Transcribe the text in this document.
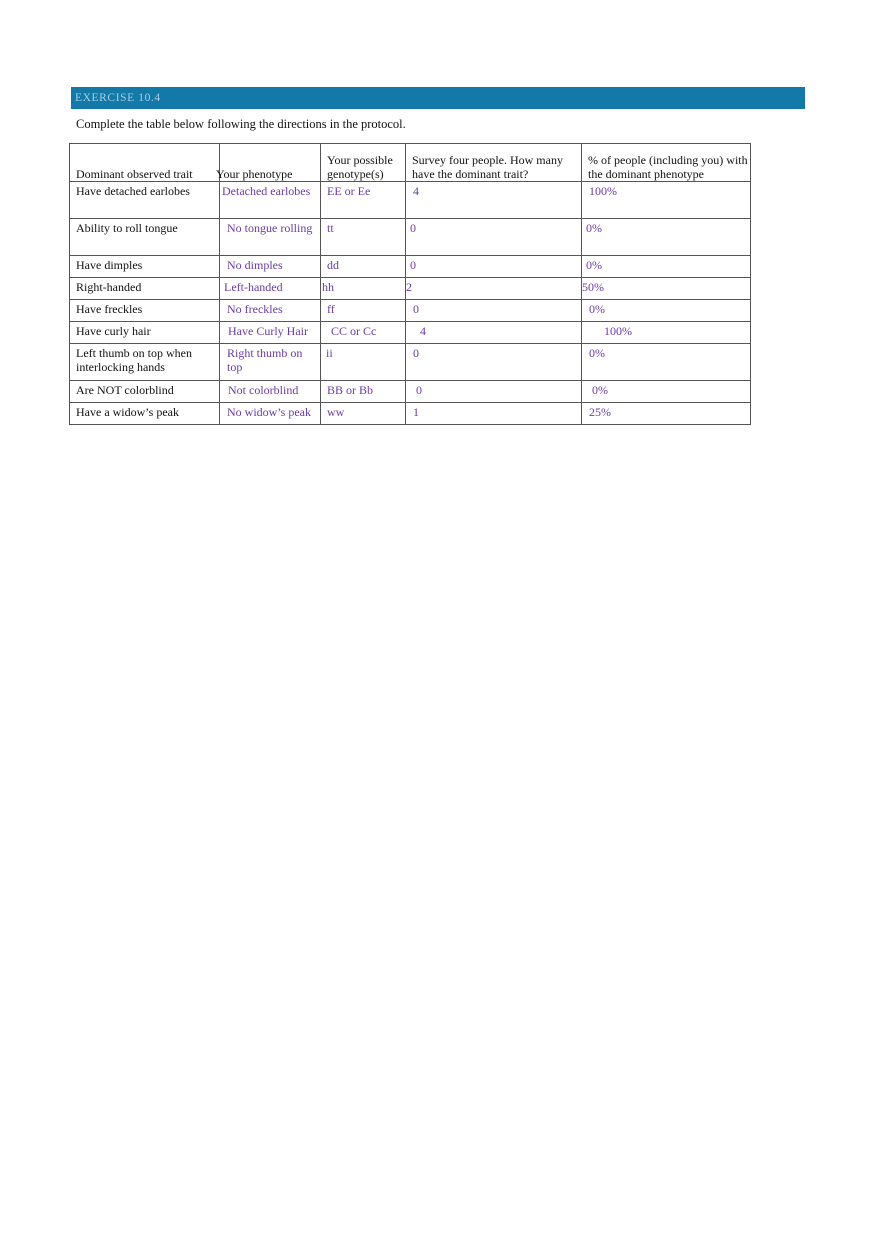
EXERCISE 10.4
Complete the table below following the directions in the protocol.
Dominant observed trait	Your phenotype	Your possible genotype(s)	Survey four people. How many have the dominant trait?	% of people (including you) with the dominant phenotype
Have detached earlobes	Detached earlobes	EE or Ee	4	100%
Ability to roll tongue	No tongue rolling	tt	0	0%
Have dimples	No dimples	dd	0	0%
Right-handed	Left-handed	hh	2	50%
Have freckles	No freckles	ff	0	0%
Have curly hair	Have Curly Hair	CC or Cc	4	100%
Left thumb on top when interlocking hands	Right thumb on top	ii	0	0%
Are NOT colorblind	Not colorblind	BB or Bb	0	0%
Have a widow’s peak	No widow’s peak	ww	1	25%
